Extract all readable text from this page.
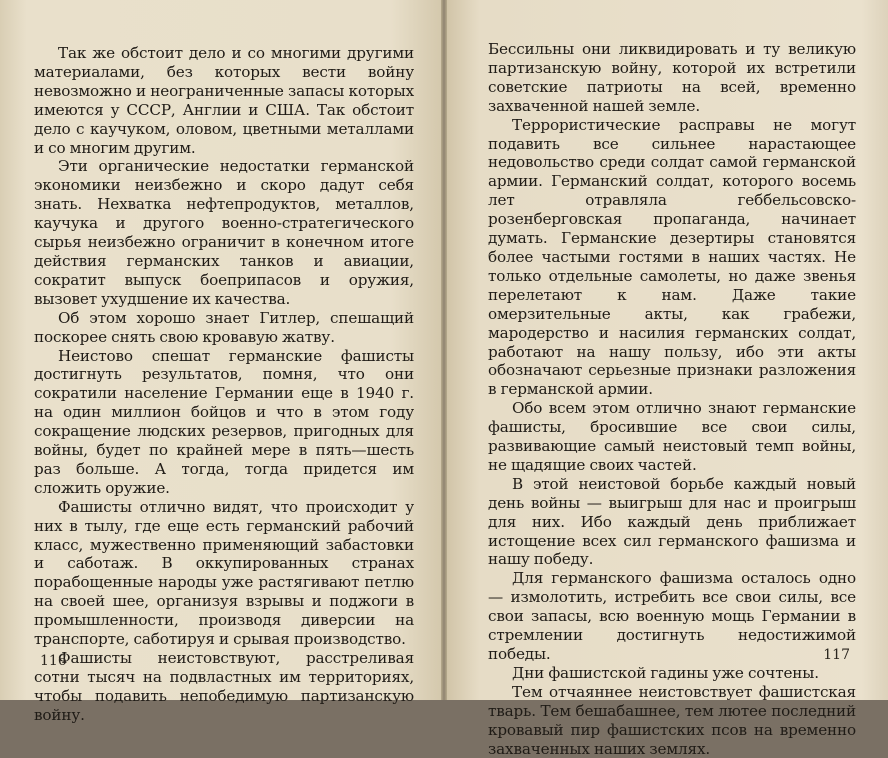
Так же обстоит дело и со многими другими материалами, без которых вести войну невозможно и неограниченные запасы которых имеются у СССР, Англии и США. Так обстоит дело с каучуком, оловом, цветными металлами и со многим другим.

Эти органические недостатки германской экономики неизбежно и скоро дадут себя знать. Нехватка нефтепродуктов, металлов, каучука и другого военно-стратегического сырья неизбежно ограничит в конечном итоге действия германских танков и авиации, сократит выпуск боеприпасов и оружия, вызовет ухудшение их качества.

Об этом хорошо знает Гитлер, спешащий поскорее снять свою кровавую жатву.

Неистово спешат германские фашисты достигнуть результатов, помня, что они сократили население Германии еще в 1940 г. на один миллион бойцов и что в этом году сокращение людских резервов, пригодных для войны, будет по крайней мере в пять—шесть раз больше. А тогда, тогда придется им сложить оружие.

Фашисты отлично видят, что происходит у них в тылу, где еще есть германский рабочий класс, мужественно применяющий забастовки и саботаж. В оккупированных странах порабощенные народы уже растягивают петлю на своей шее, организуя взрывы и поджоги в промышленности, производя диверсии на транспорте, саботируя и срывая производство.

Фашисты неистовствуют, расстреливая сотни тысяч на подвластных им территориях, чтобы подавить непобедимую партизанскую войну.

116

Бессильны они ликвидировать и ту великую партизанскую войну, которой их встретили советские патриоты на всей, временно захваченной нашей земле.

Террористические расправы не могут подавить все сильнее нарастающее недовольство среди солдат самой германской армии. Германский солдат, которого восемь лет отравляла геббельсовско-розенберговская пропаганда, начинает думать. Германские дезертиры становятся более частыми гостями в наших частях. Не только отдельные самолеты, но даже звенья перелетают к нам. Даже такие омерзительные акты, как грабежи, мародерство и насилия германских солдат, работают на нашу пользу, ибо эти акты обозначают серьезные признаки разложения в германской армии.

Обо всем этом отлично знают германские фашисты, бросившие все свои силы, развивающие самый неистовый темп войны, не щадящие своих частей.

В этой неистовой борьбе каждый новый день войны — выигрыш для нас и проигрыш для них. Ибо каждый день приближает истощение всех сил германского фашизма и нашу победу.

Для германского фашизма осталось одно — измолотить, истребить все свои силы, все свои запасы, всю военную мощь Германии в стремлении достигнуть недостижимой победы.

Дни фашистской гадины уже сочтены.

Тем отчаяннее неистовствует фашистская тварь. Тем бешабашнее, тем лютее последний кровавый пир фашистских псов на временно захваченных наших землях.

117
